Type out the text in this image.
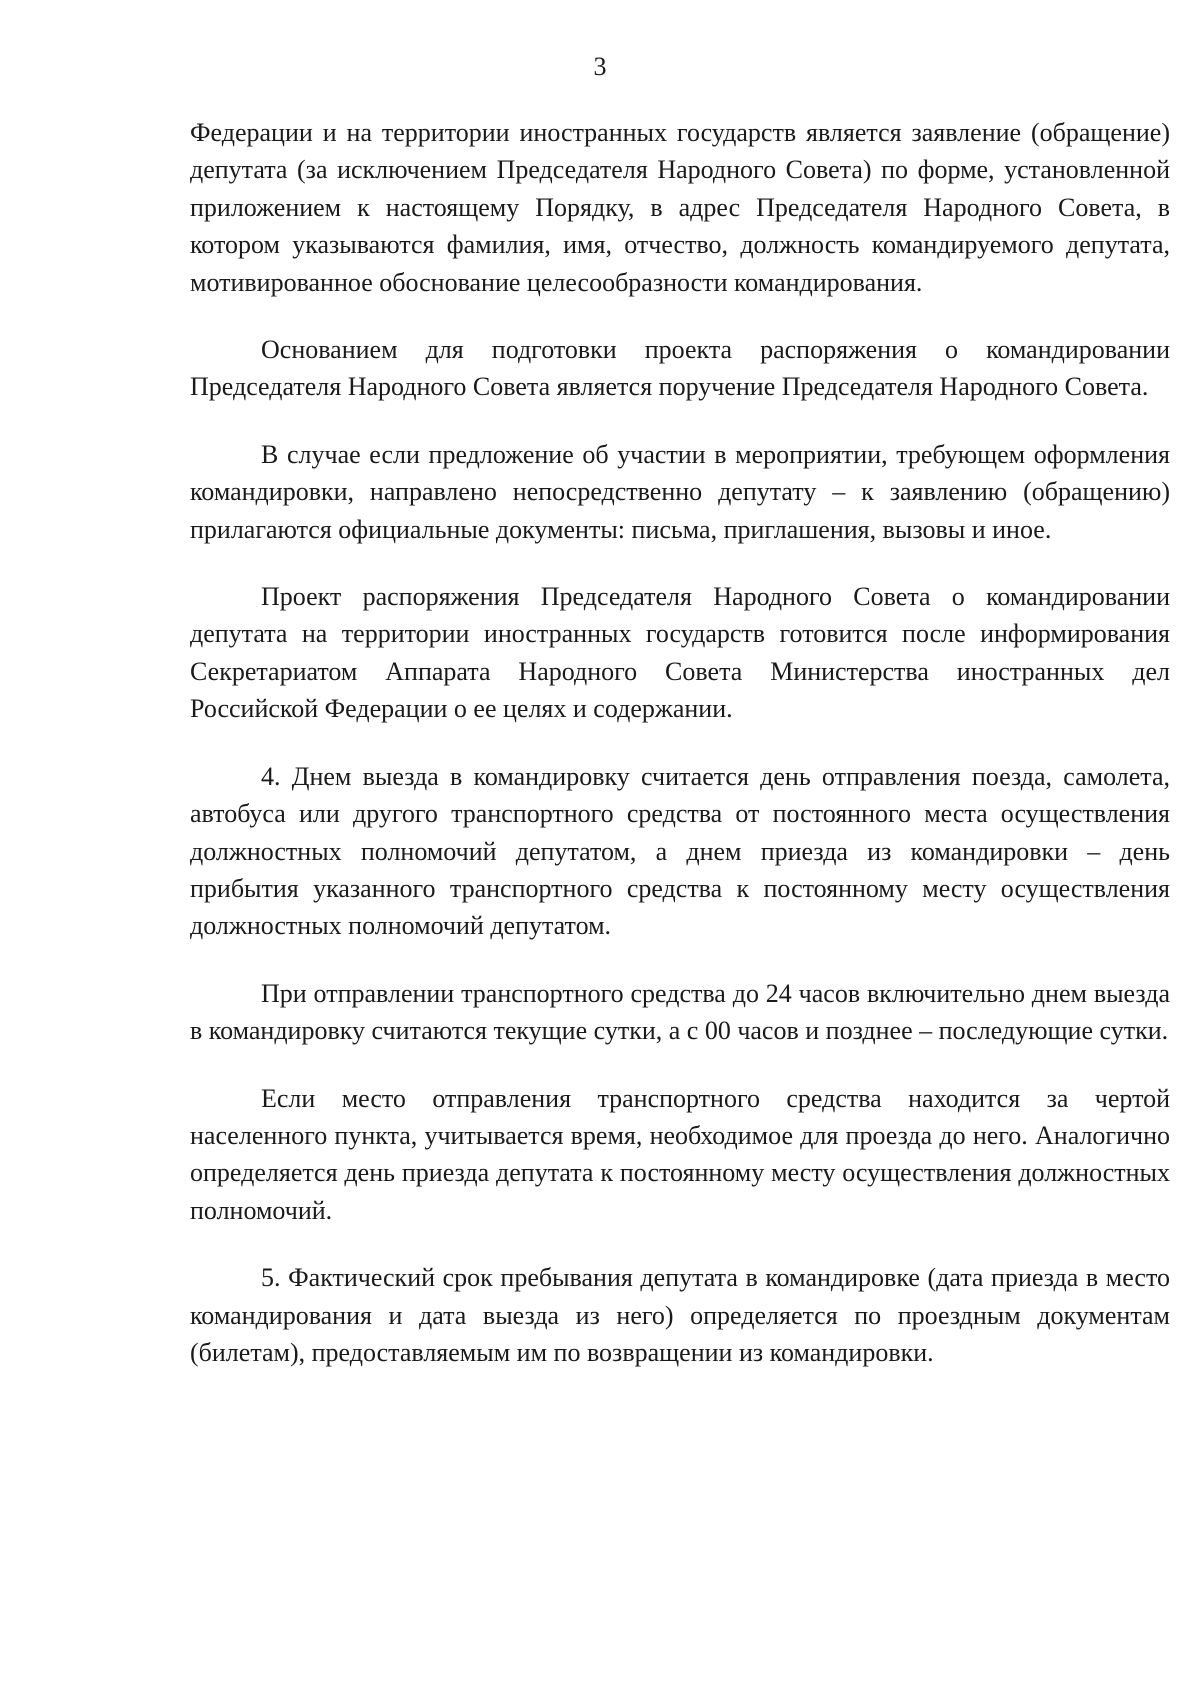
3

Федерации и на территории иностранных государств является заявление (обращение) депутата (за исключением Председателя Народного Совета) по форме, установленной приложением к настоящему Порядку, в адрес Председателя Народного Совета, в котором указываются фамилия, имя, отчество, должность командируемого депутата, мотивированное обоснование целесообразности командирования.

Основанием для подготовки проекта распоряжения о командировании Председателя Народного Совета является поручение Председателя Народного Совета.

В случае если предложение об участии в мероприятии, требующем оформления командировки, направлено непосредственно депутату – к заявлению (обращению) прилагаются официальные документы: письма, приглашения, вызовы и иное.

Проект распоряжения Председателя Народного Совета о командировании депутата на территории иностранных государств готовится после информирования Секретариатом Аппарата Народного Совета Министерства иностранных дел Российской Федерации о ее целях и содержании.

4. Днем выезда в командировку считается день отправления поезда, самолета, автобуса или другого транспортного средства от постоянного места осуществления должностных полномочий депутатом, а днем приезда из командировки – день прибытия указанного транспортного средства к постоянному месту осуществления должностных полномочий депутатом.

При отправлении транспортного средства до 24 часов включительно днем выезда в командировку считаются текущие сутки, а с 00 часов и позднее – последующие сутки.

Если место отправления транспортного средства находится за чертой населенного пункта, учитывается время, необходимое для проезда до него. Аналогично определяется день приезда депутата к постоянному месту осуществления должностных полномочий.

5. Фактический срок пребывания депутата в командировке (дата приезда в место командирования и дата выезда из него) определяется по проездным документам (билетам), предоставляемым им по возвращении из командировки.
